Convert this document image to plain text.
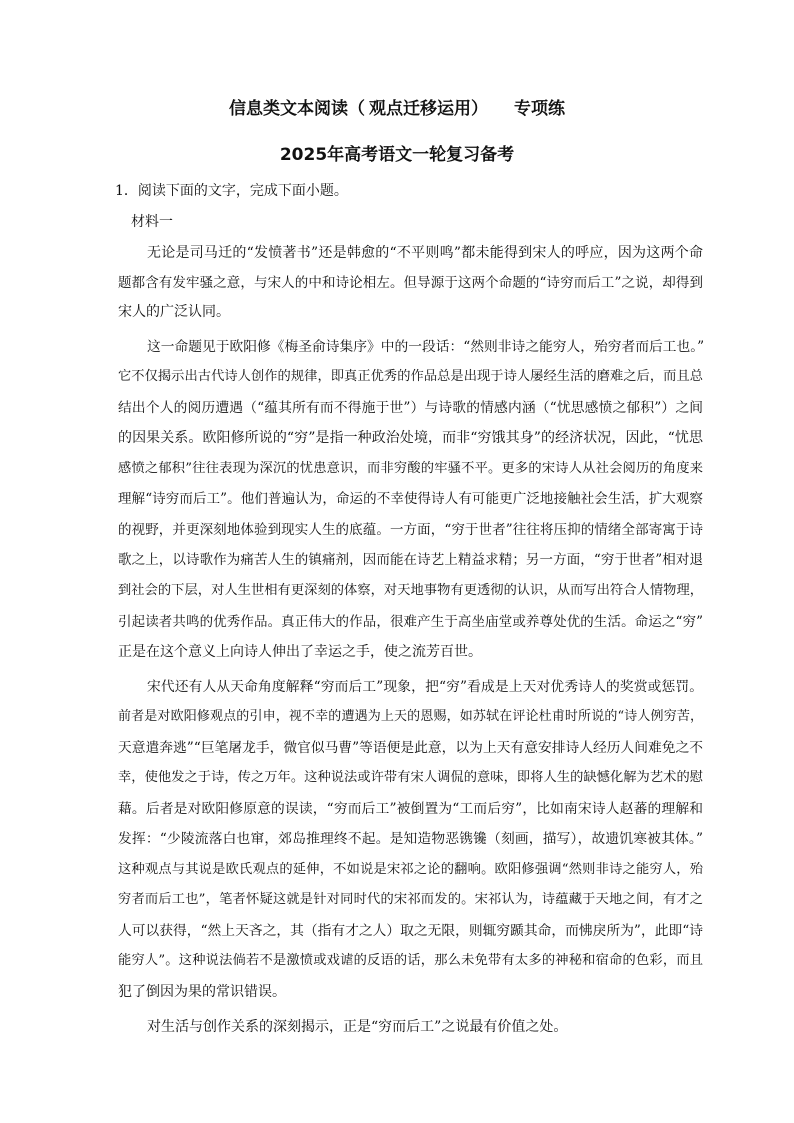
信息类文本阅读（ 观点迁移运用） 专项练
2025年高考语文一轮复习备考
1．阅读下面的文字，完成下面小题。
材料一
无论是司马迁的“发愤著书”还是韩愈的“不平则鸣”都未能得到宋人的呼应，因为这两个命
题都含有发牢骚之意，与宋人的中和诗论相左。但导源于这两个命题的“诗穷而后工”之说，却得到
宋人的广泛认同。
这一命题见于欧阳修《梅圣俞诗集序》中的一段话：“然则非诗之能穷人，殆穷者而后工也。”
它不仅揭示出古代诗人创作的规律，即真正优秀的作品总是出现于诗人屡经生活的磨难之后，而且总
结出个人的阅历遭遇（“蕴其所有而不得施于世”）与诗歌的情感内涵（“忧思感愤之郁积”）之间
的因果关系。欧阳修所说的“穷”是指一种政治处境，而非“穷饿其身”的经济状况，因此，“忧思
感愤之郁积”往往表现为深沉的忧患意识，而非穷酸的牢骚不平。更多的宋诗人从社会阅历的角度来
理解“诗穷而后工”。他们普遍认为，命运的不幸使得诗人有可能更广泛地接触社会生活，扩大观察
的视野，并更深刻地体验到现实人生的底蕴。一方面，“穷于世者”往往将压抑的情绪全部寄寓于诗
歌之上，以诗歌作为痛苦人生的镇痛剂，因而能在诗艺上精益求精；另一方面，“穷于世者”相对退
到社会的下层，对人生世相有更深刻的体察，对天地事物有更透彻的认识，从而写出符合人情物理，
引起读者共鸣的优秀作品。真正伟大的作品，很难产生于高坐庙堂或养尊处优的生活。命运之“穷”
正是在这个意义上向诗人伸出了幸运之手，使之流芳百世。
宋代还有人从天命角度解释“穷而后工”现象，把“穷”看成是上天对优秀诗人的奖赏或惩罚。
前者是对欧阳修观点的引申，视不幸的遭遇为上天的恩赐，如苏轼在评论杜甫时所说的“诗人例穷苦，
天意遣奔逃”“巨笔屠龙手，微官似马曹”等语便是此意，以为上天有意安排诗人经历人间难免之不
幸，使他发之于诗，传之万年。这种说法或许带有宋人调侃的意味，即将人生的缺憾化解为艺术的慰
藉。后者是对欧阳修原意的误读，“穷而后工”被倒置为“工而后穷”，比如南宋诗人赵蕃的理解和
发挥：“少陵流落白也窜，郊岛推理终不起。是知造物恶镌镵（刻画，描写），故遗饥寒被其体。”
这种观点与其说是欧氏观点的延伸，不如说是宋祁之论的翻响。欧阳修强调“然则非诗之能穷人，殆
穷者而后工也”，笔者怀疑这就是针对同时代的宋祁而发的。宋祁认为，诗蕴藏于天地之间，有才之
人可以获得，“然上天吝之，其（指有才之人）取之无限，则辄穷踬其命，而怫戾所为”，此即“诗
能穷人”。这种说法倘若不是激愤或戏谑的反语的话，那么未免带有太多的神秘和宿命的色彩，而且
犯了倒因为果的常识错误。
对生活与创作关系的深刻揭示，正是“穷而后工”之说最有价值之处。
